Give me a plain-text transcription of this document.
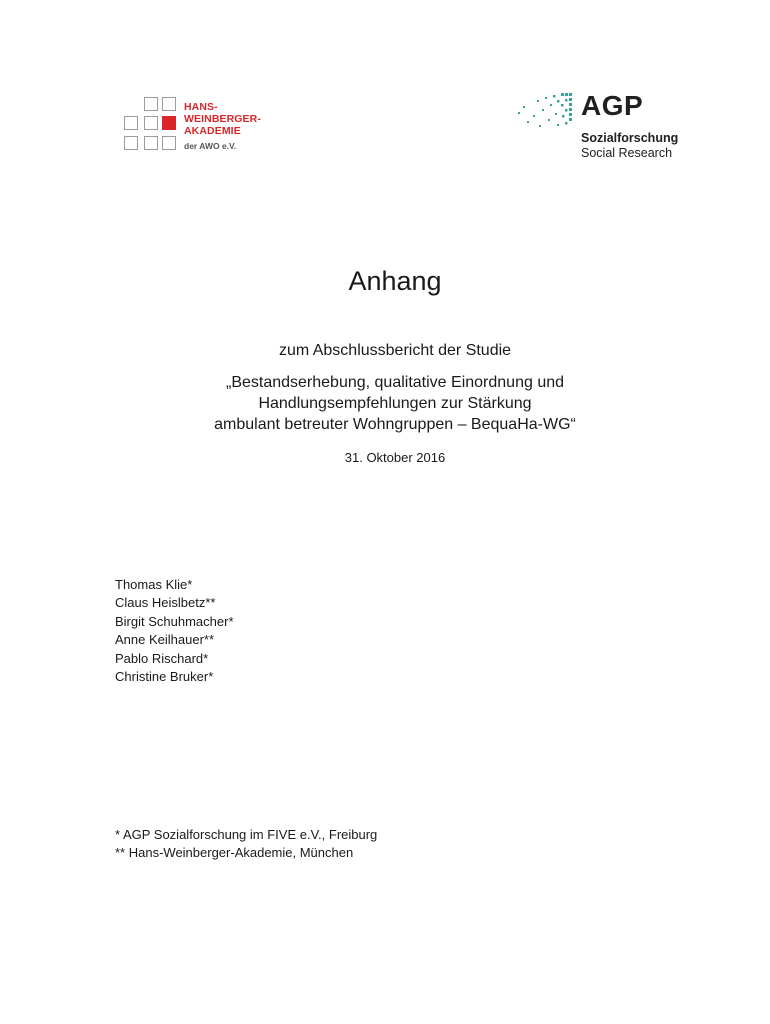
HANS-
WEINBERGER-
AKADEMIE
der AWO e.V.
AGP
Sozialforschung
Social Research
Anhang
zum Abschlussbericht der Studie
„Bestandserhebung, qualitative Einordnung und
Handlungsempfehlungen zur Stärkung
ambulant betreuter Wohngruppen – BequaHa-WG“
31. Oktober 2016
Thomas Klie*
Claus Heislbetz**
Birgit Schuhmacher*
Anne Keilhauer**
Pablo Rischard*
Christine Bruker*
* AGP Sozialforschung im FIVE e.V., Freiburg
** Hans-Weinberger-Akademie, München
